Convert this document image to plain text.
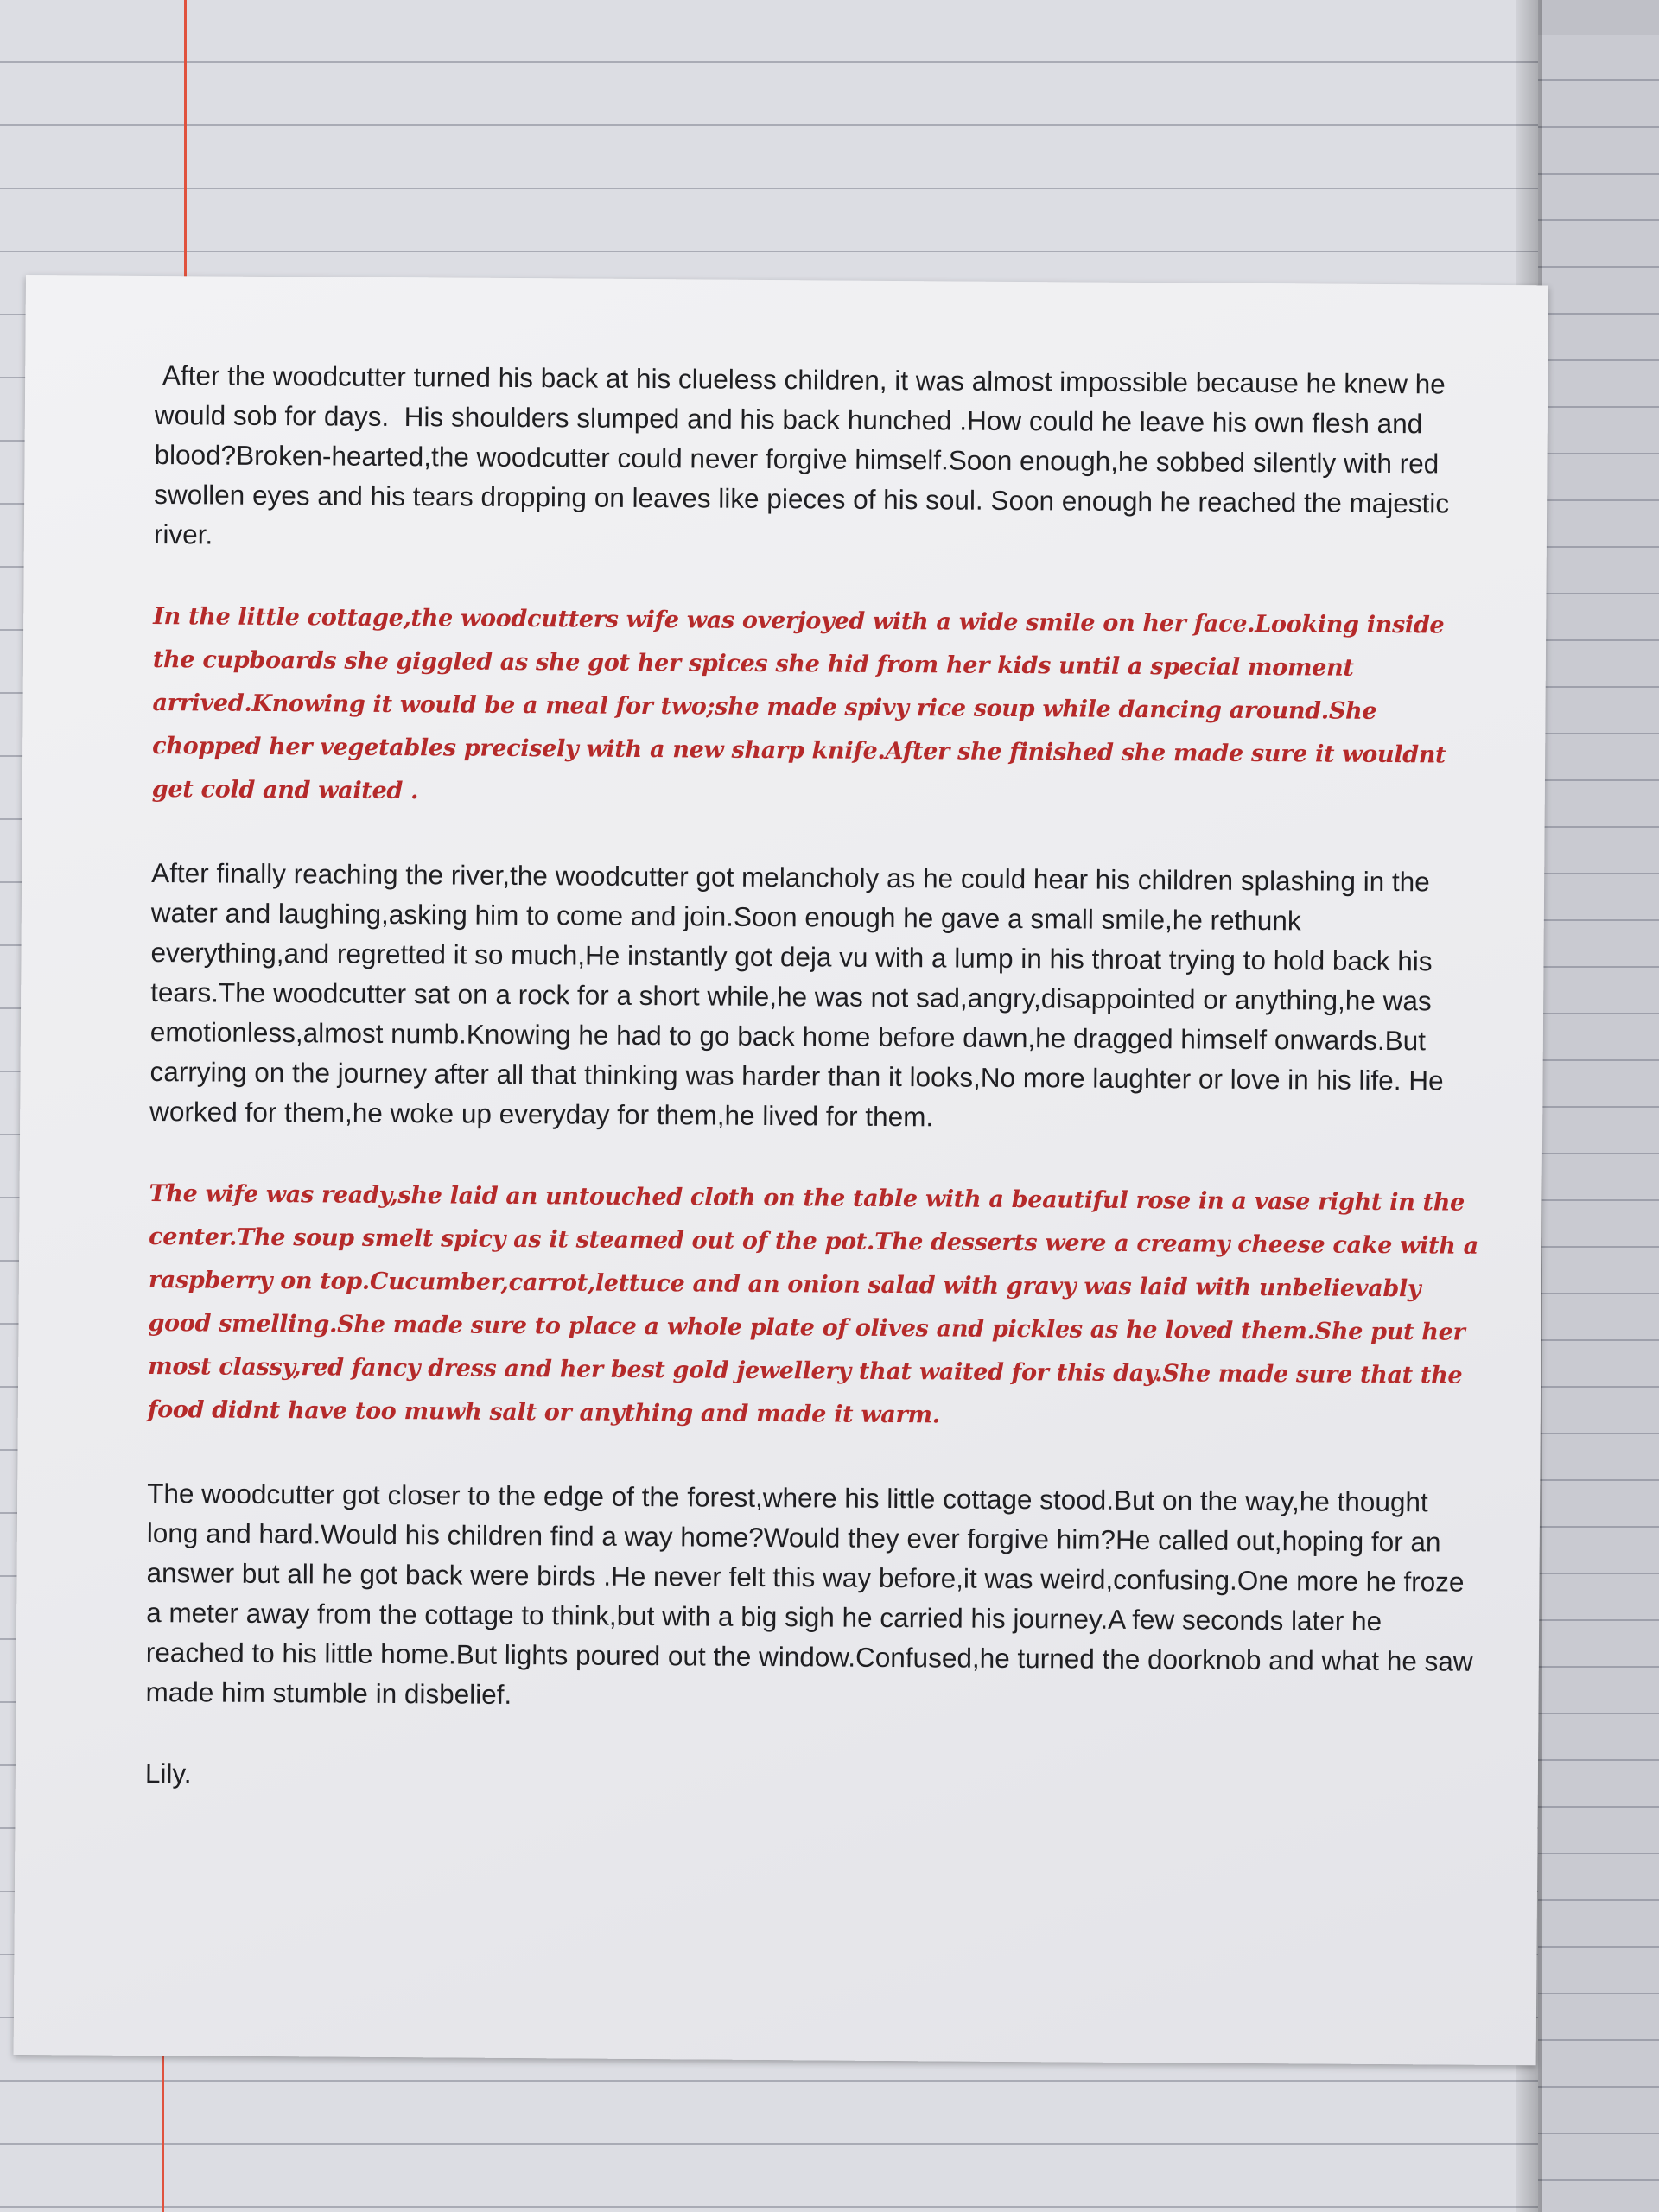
After the woodcutter turned his back at his clueless children, it was almost impossible because he knew he would sob for days.  His shoulders slumped and his back hunched .How could he leave his own flesh and blood?Broken-hearted,the woodcutter could never forgive himself.Soon enough,he sobbed silently with red swollen eyes and his tears dropping on leaves like pieces of his soul. Soon enough he reached the majestic river.

In the little cottage,the woodcutters wife was overjoyed with a wide smile on her face.Looking inside the cupboards she giggled as she got her spices she hid from her kids until a special moment arrived.Knowing it would be a meal for two;she made spivy rice soup while dancing around.She chopped her vegetables precisely with a new sharp knife.After she finished she made sure it wouldnt get cold and waited .

After finally reaching the river,the woodcutter got melancholy as he could hear his children splashing in the water and laughing,asking him to come and join.Soon enough he gave a small smile,he rethunk everything,and regretted it so much,He instantly got deja vu with a lump in his throat trying to hold back his tears.The woodcutter sat on a rock for a short while,he was not sad,angry,disappointed or anything,he was emotionless,almost numb.Knowing he had to go back home before dawn,he dragged himself onwards.But carrying on the journey after all that thinking was harder than it looks,No more laughter or love in his life. He worked for them,he woke up everyday for them,he lived for them.

The wife was ready,she laid an untouched cloth on the table with a beautiful rose in a vase right in the center.The soup smelt spicy as it steamed out of the pot.The desserts were a creamy cheese cake with a raspberry on top.Cucumber,carrot,lettuce and an onion salad with gravy was laid with unbelievably good smelling.She made sure to place a whole plate of olives and pickles as he loved them.She put her most classy,red fancy dress and her best gold jewellery that waited for this day.She made sure that the food didnt have too muwh salt or anything and made it warm.

The woodcutter got closer to the edge of the forest,where his little cottage stood.But on the way,he thought long and hard.Would his children find a way home?Would they ever forgive him?He called out,hoping for an answer but all he got back were birds .He never felt this way before,it was weird,confusing.One more he froze a meter away from the cottage to think,but with a big sigh he carried his journey.A few seconds later he reached to his little home.But lights poured out the window.Confused,he turned the doorknob and what he saw made him stumble in disbelief.

Lily.
